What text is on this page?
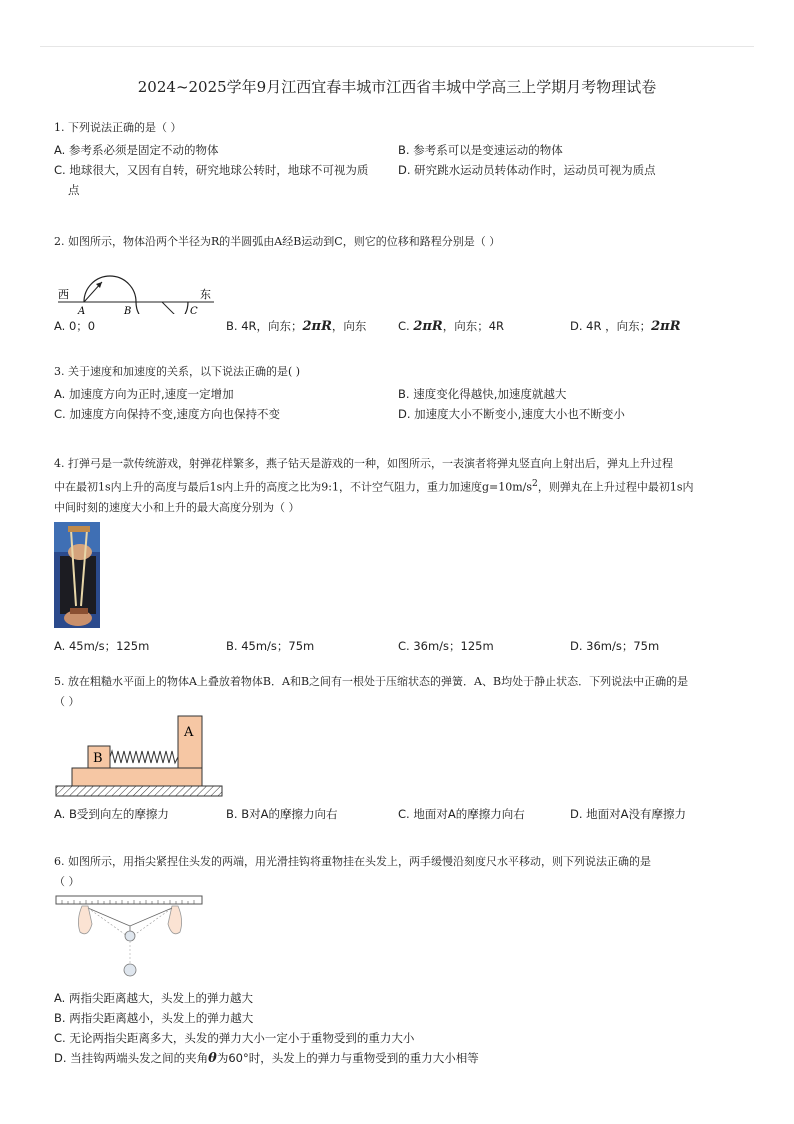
2024~2025学年9月江西宜春丰城市江西省丰城中学高三上学期月考物理试卷
1. 下列说法正确的是（ ）
A. 参考系必须是固定不动的物体	B. 参考系可以是变速运动的物体
C. 地球很大，又因有自转，研究地球公转时，地球不可视为质
点
D. 研究跳水运动员转体动作时，运动员可视为质点
2. 如图所示，物体沿两个半径为R的半圆弧由A经B运动到C，则它的位移和路程分别是（ ）
西	东
A	B	C
A. 0；0	B. 4R，向东；2πR，向东	C. 2πR，向东；4R	D. 4R ，向东；2πR
3. 关于速度和加速度的关系，以下说法正确的是( )
A. 加速度方向为正时,速度一定增加	B. 速度变化得越快,加速度就越大
C. 加速度方向保持不变,速度方向也保持不变	D. 加速度大小不断变小,速度大小也不断变小
4. 打弹弓是一款传统游戏，射弹花样繁多，燕子钻天是游戏的一种，如图所示，一表演者将弹丸竖直向上射出后，弹丸上升过程
中在最初1s内上升的高度与最后1s内上升的高度之比为9:1，不计空气阻力，重力加速度$g=10m/s^2$，则弹丸在上升过程中最初1s内
中间时刻的速度大小和上升的最大高度分别为（ ）
A. 45m/s；125m	B. 45m/s；75m	C. 36m/s；125m	D. 36m/s；75m
5. 放在粗糙水平面上的物体A上叠放着物体B．A和B之间有一根处于压缩状态的弹簧．A、B均处于静止状态．下列说法中正确的是
（ ）
A
B
A. B受到向左的摩擦力	B. B对A的摩擦力向右	C. 地面对A的摩擦力向右	D. 地面对A没有摩擦力
6. 如图所示，用指尖紧捏住头发的两端，用光滑挂钩将重物挂在头发上，两手缓慢沿刻度尺水平移动，则下列说法正确的是
（ ）
A. 两指尖距离越大，头发上的弹力越大
B. 两指尖距离越小，头发上的弹力越大
C. 无论两指尖距离多大，头发的弹力大小一定小于重物受到的重力大小
D. 当挂钩两端头发之间的夹角θ为60°时，头发上的弹力与重物受到的重力大小相等
